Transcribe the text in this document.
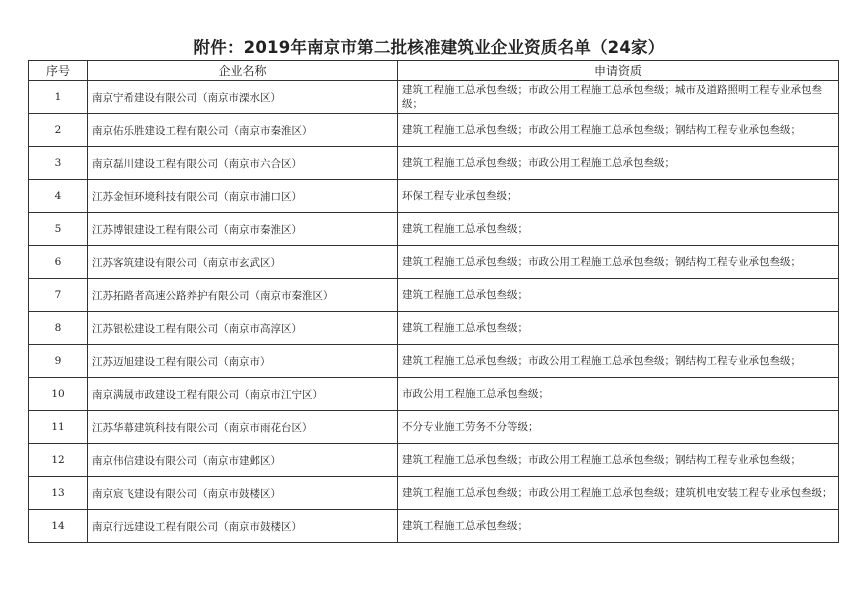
附件：2019年南京市第二批核准建筑业企业资质名单（24家）
序号	企业名称	申请资质
1	南京宁希建设有限公司（南京市溧水区）	建筑工程施工总承包叁级；市政公用工程施工总承包叁级；城市及道路照明工程专业承包叁级；
2	南京佑乐胜建设工程有限公司（南京市秦淮区）	建筑工程施工总承包叁级；市政公用工程施工总承包叁级；钢结构工程专业承包叁级；
3	南京磊川建设工程有限公司（南京市六合区）	建筑工程施工总承包叁级；市政公用工程施工总承包叁级；
4	江苏金恒环境科技有限公司（南京市浦口区）	环保工程专业承包叁级；
5	江苏博银建设工程有限公司（南京市秦淮区）	建筑工程施工总承包叁级；
6	江苏客筑建设有限公司（南京市玄武区）	建筑工程施工总承包叁级；市政公用工程施工总承包叁级；钢结构工程专业承包叁级；
7	江苏拓路者高速公路养护有限公司（南京市秦淮区）	建筑工程施工总承包叁级；
8	江苏银松建设工程有限公司（南京市高淳区）	建筑工程施工总承包叁级；
9	江苏迈旭建设工程有限公司（南京市）	建筑工程施工总承包叁级；市政公用工程施工总承包叁级；钢结构工程专业承包叁级；
10	南京满晟市政建设工程有限公司（南京市江宁区）	市政公用工程施工总承包叁级；
11	江苏华幕建筑科技有限公司（南京市雨花台区）	不分专业施工劳务不分等级；
12	南京伟信建设有限公司（南京市建邺区）	建筑工程施工总承包叁级；市政公用工程施工总承包叁级；钢结构工程专业承包叁级；
13	南京宸飞建设有限公司（南京市鼓楼区）	建筑工程施工总承包叁级；市政公用工程施工总承包叁级；建筑机电安装工程专业承包叁级；
14	南京行远建设工程有限公司（南京市鼓楼区）	建筑工程施工总承包叁级；
